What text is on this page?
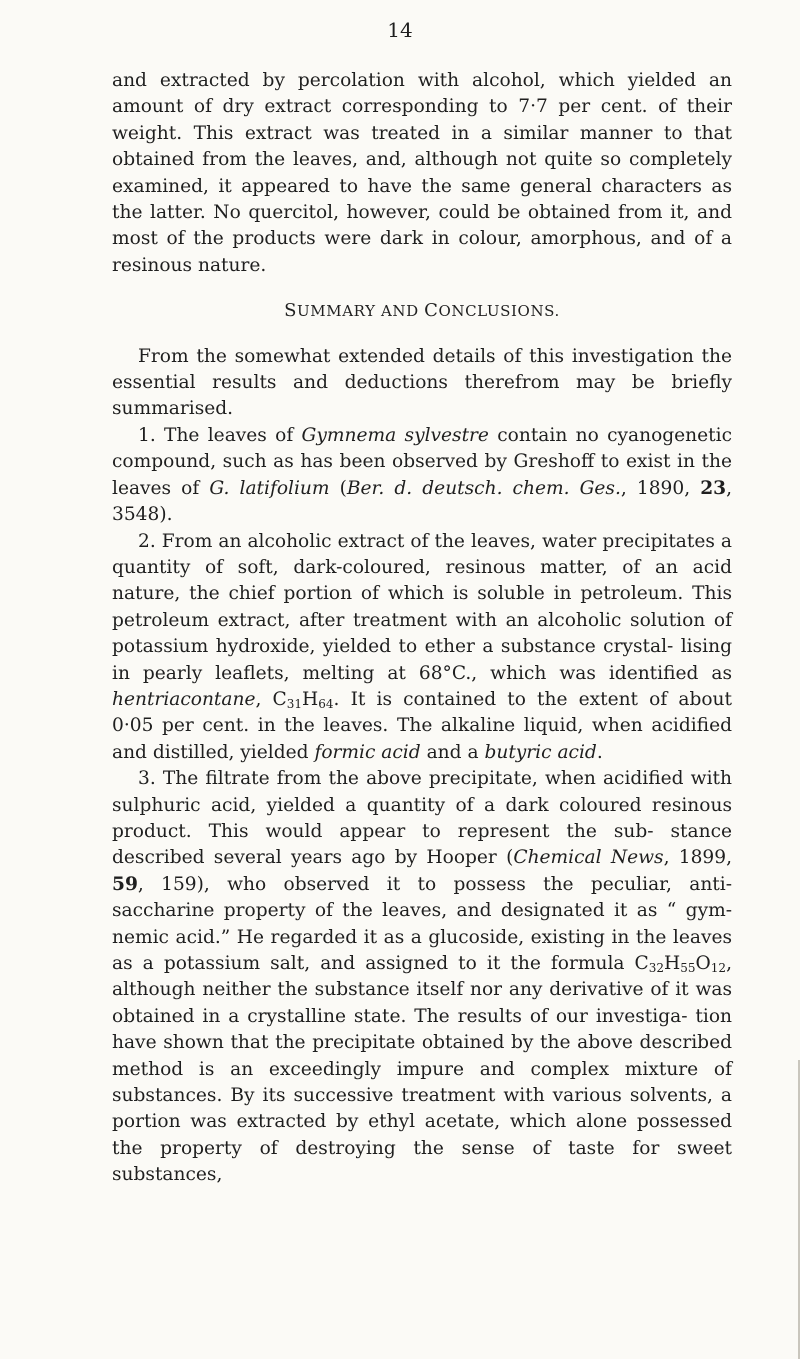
14

and extracted by percolation with alcohol, which yielded an amount of dry extract corresponding to 7·7 per cent. of their weight. This extract was treated in a similar manner to that obtained from the leaves, and, although not quite so completely examined, it appeared to have the same general characters as the latter. No quercitol, however, could be obtained from it, and most of the products were dark in colour, amorphous, and of a resinous nature.

SUMMARY AND CONCLUSIONS.

From the somewhat extended details of this investigation the essential results and deductions therefrom may be briefly summarised.

1. The leaves of Gymnema sylvestre contain no cyanogenetic compound, such as has been observed by Greshoff to exist in the leaves of G. latifolium (Ber. d. deutsch. chem. Ges., 1890, 23, 3548).

2. From an alcoholic extract of the leaves, water precipitates a quantity of soft, dark-coloured, resinous matter, of an acid nature, the chief portion of which is soluble in petroleum. This petroleum extract, after treatment with an alcoholic solution of potassium hydroxide, yielded to ether a substance crystal- lising in pearly leaflets, melting at 68°C., which was identified as hentriacontane, $C_{31}H_{64}$. It is contained to the extent of about 0·05 per cent. in the leaves. The alkaline liquid, when acidified and distilled, yielded formic acid and a butyric acid.

3. The filtrate from the above precipitate, when acidified with sulphuric acid, yielded a quantity of a dark coloured resinous product. This would appear to represent the sub- stance described several years ago by Hooper (Chemical News, 1899, 59, 159), who observed it to possess the peculiar, anti- saccharine property of the leaves, and designated it as “ gym- nemic acid.” He regarded it as a glucoside, existing in the leaves as a potassium salt, and assigned to it the formula $C_{32}H_{55}O_{12}$, although neither the substance itself nor any derivative of it was obtained in a crystalline state. The results of our investiga- tion have shown that the precipitate obtained by the above described method is an exceedingly impure and complex mixture of substances. By its successive treatment with various solvents, a portion was extracted by ethyl acetate, which alone possessed the property of destroying the sense of taste for sweet substances,
